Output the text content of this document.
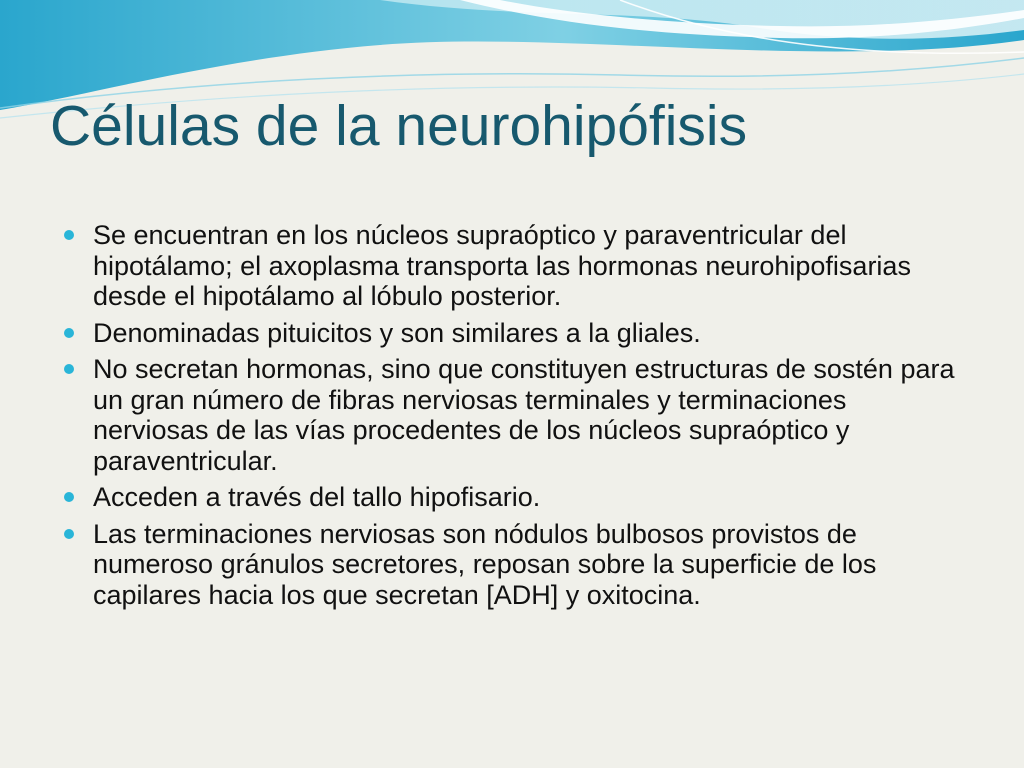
Células de la neurohipófisis
Se encuentran en los núcleos supraóptico y paraventricular del hipotálamo; el axoplasma transporta las hormonas neurohipofisarias desde el hipotálamo al lóbulo posterior.
Denominadas pituicitos y son similares a la gliales.
No secretan hormonas, sino que constituyen estructuras de sostén para un gran número de fibras nerviosas terminales y terminaciones nerviosas de las vías procedentes de los núcleos supraóptico y paraventricular.
Acceden a través del tallo hipofisario.
Las terminaciones nerviosas son nódulos bulbosos provistos de numeroso gránulos secretores, reposan sobre la superficie de los capilares hacia los que secretan [ADH] y oxitocina.
